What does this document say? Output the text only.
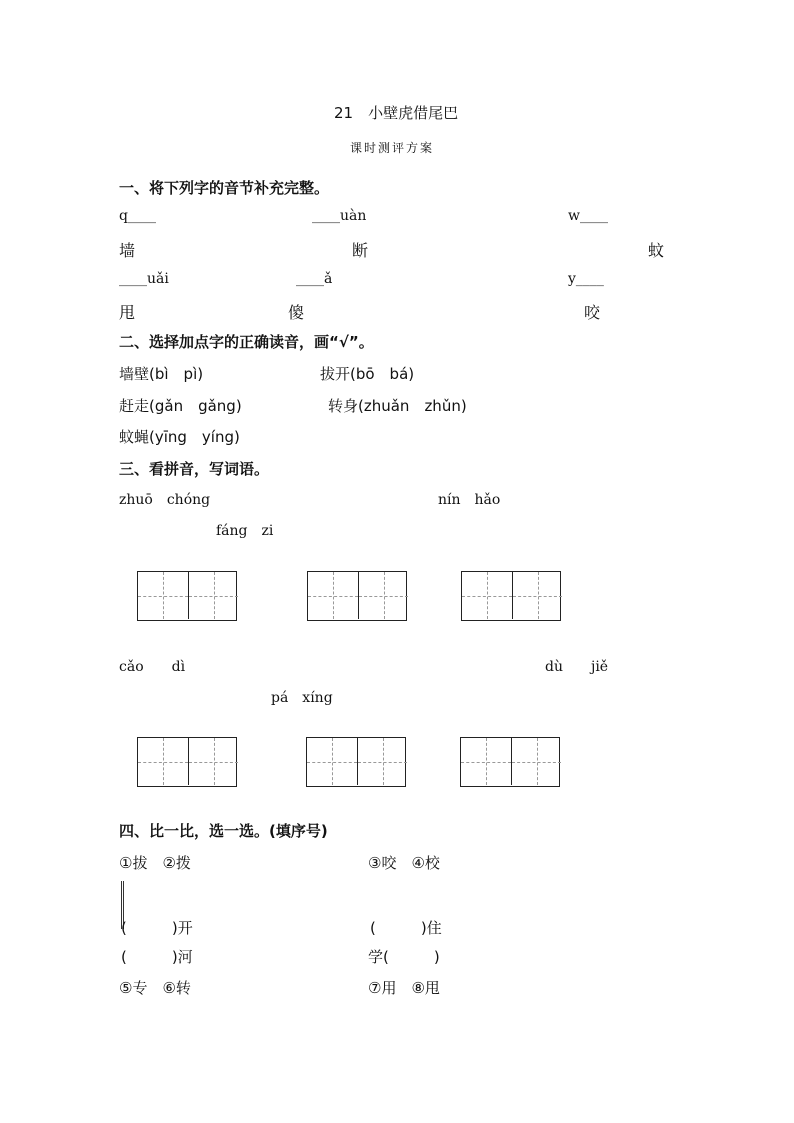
21　小壁虎借尾巴
课时测评方案
一、将下列字的音节补充完整。
q____	____uàn	w____
墙	断	蚊
____uǎi	____ǎ	y____
甩	傻	咬
二、选择加点字的正确读音，画“√”。
墙壁(bì　pì)	拔开(bō　bá)
赶走(gǎn　gǎng)	转身(zhuǎn　zhǔn)
蚊蝇(yīng　yíng)
三、看拼音，写词语。
zhuō　chóng
fáng　zi
nín　hǎo
cǎo　　dì
pá　xíng
dù　　jiě
四、比一比，选一选。(填序号)
①拔　②拨	③咬　④校
(　　　)开	(　　　)住
(　　　)河	学(　　　)
⑤专　⑥转	⑦用　⑧甩
